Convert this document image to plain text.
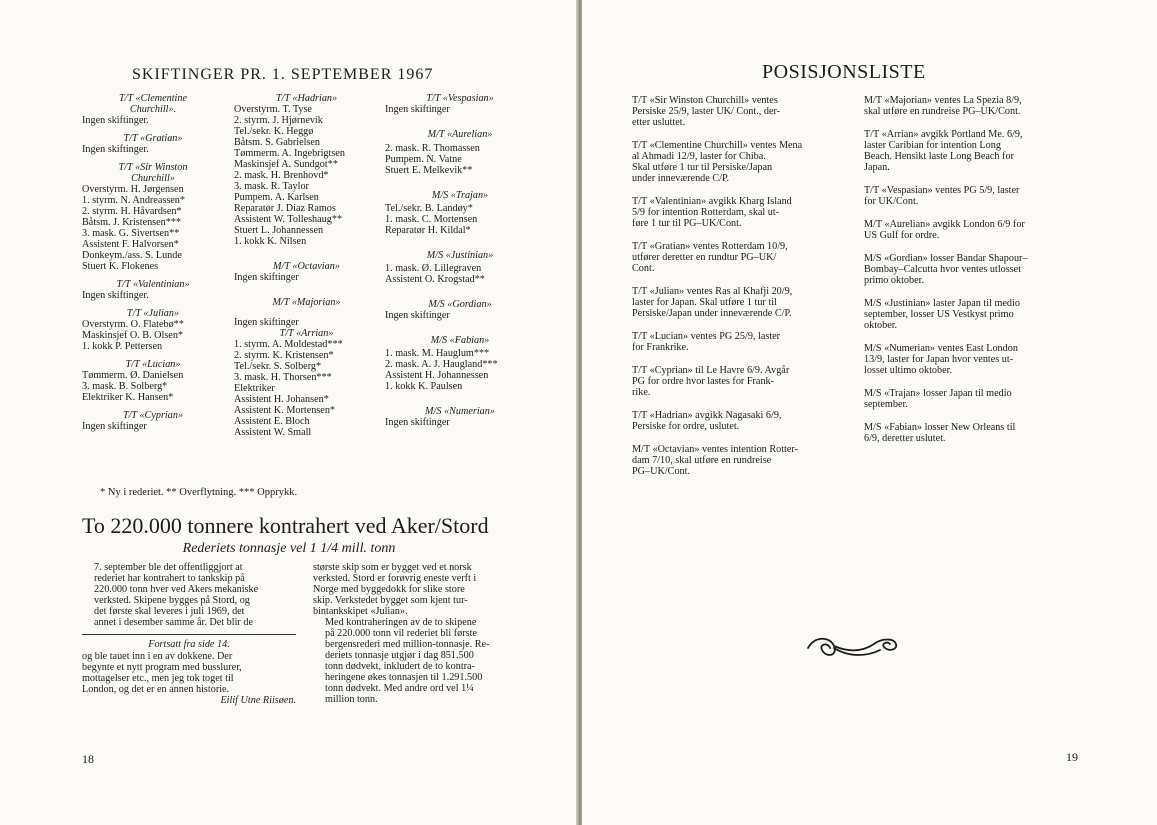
SKIFTINGER PR. 1. SEPTEMBER 1967
T/T «Clementine
Churchill».
Ingen skiftinger.
T/T «Gratian»
Ingen skiftinger.
T/T «Sir Winston
Churchill»
Overstyrm. H. Jørgensen
1. styrm. N. Andreassen*
2. styrm. H. Håvardsen*
Båtsm. J. Kristensen***
3. mask. G. Sivertsen**
Assistent F. Halvorsen*
Donkeym./ass. S. Lunde
Stuert K. Flokenes
T/T «Valentinian»
Ingen skiftinger.
T/T «Julian»
Overstyrm. O. Flatebø**
Maskinsjef O. B. Olsen*
1. kokk P. Pettersen
T/T «Lucian»
Tømmerm. Ø. Danielsen
3. mask. B. Solberg*
Elektriker K. Hansen*
T/T «Cyprian»
Ingen skiftinger
T/T «Hadrian»
Overstyrm. T. Tyse
2. styrm. J. Hjørnevik
Tel./sekr. K. Heggø
Båtsm. S. Gabrielsen
Tømmerm. A. Ingebrigtsen
Maskinsjef A. Sundgot**
2. mask. H. Brenhovd*
3. mask. R. Taylor
Pumpem. A. Karlsen
Reparatør J. Diaz Ramos
Assistent W. Tolleshaug**
Stuert L. Johannessen
1. kokk K. Nilsen
M/T «Octavian»
Ingen skiftinger
M/T «Majorian»
Ingen skiftinger
T/T «Arrian»
1. styrm. A. Moldestad***
2. styrm. K. Kristensen*
Tel./sekr. S. Solberg*
3. mask. H. Thorsen***
Elektriker
Assistent H. Johansen*
Assistent K. Mortensen*
Assistent E. Bloch
Assistent W. Small
T/T «Vespasian»
Ingen skiftinger
M/T «Aurelian»
2. mask. R. Thomassen
Pumpem. N. Vatne
Stuert E. Melkevik**
M/S «Trajan»
Tel./sekr. B. Landøy*
1. mask. C. Mortensen
Reparatør H. Kildal*
M/S «Justinian»
1. mask. Ø. Lillegraven
Assistent O. Krogstad**
M/S «Gordian»
Ingen skiftinger
M/S «Fabian»
1. mask. M. Hauglum***
2. mask. A. J. Haugland***
Assistent H. Johannessen
1. kokk K. Paulsen
M/S «Numerian»
Ingen skiftinger
* Ny i rederiet. ** Overflytning. *** Opprykk.
To 220.000 tonnere kontrahert ved Aker/Stord
Rederiets tonnasje vel 1 1/4 mill. tonn
7. september ble det offentliggjort at
rederiet har kontrahert to tankskip på
220.000 tonn hver ved Akers mekaniske
verksted. Skipene bygges på Stord, og
det første skal leveres i juli 1969, det
annet i desember samme år. Det blir de
Fortsatt fra side 14.
og ble tauet inn i en av dokkene. Der
begynte et nytt program med busslurer,
mottagelser etc., men jeg tok toget til
London, og det er en annen historie.
Eilif Utne Riisøen.
største skip som er bygget ved et norsk
verksted. Stord er forøvrig eneste verft i
Norge med byggedokk for slike store
skip. Verkstedet bygget som kjent tur-
bintankskipet «Julian».
Med kontraheringen av de to skipene
på 220.000 tonn vil rederiet bli første
bergensrederi med million-tonnasje. Re-
deriets tonnasje utgjør i dag 851.500
tonn dødvekt, inkludert de to kontra-
heringene økes tonnasjen til 1.291.500
tonn dødvekt. Med andre ord vel 1¼
million tonn.
18
POSISJONSLISTE
T/T «Sir Winston Churchill» ventes
Persiske 25/9, laster UK/ Cont., der-
etter usluttet.
T/T «Clementine Churchill» ventes Mena
al Ahmadi 12/9, laster for Chiba.
Skal utføre 1 tur til Persiske/Japan
under inneværende C/P.
T/T «Valentinian» avgikk Kharg Island
5/9 for intention Rotterdam, skal ut-
føre 1 tur til PG–UK/Cont.
T/T «Gratian» ventes Rotterdam 10/9,
utfører deretter en rundtur PG–UK/
Cont.
T/T «Julian» ventes Ras al Khafji 20/9,
laster for Japan. Skal utføre 1 tur til
Persiske/Japan under inneværende C/P.
T/T «Lucian» ventes PG 25/9, laster
for Frankrike.
T/T «Cyprian» til Le Havre 6/9. Avgår
PG for ordre hvor lastes for Frank-
rike.
T/T «Hadrian» avgikk Nagasaki 6/9,
Persiske for ordre, uslutet.
M/T «Octavian» ventes intention Rotter-
dam 7/10, skal utføre en rundreise
PG–UK/Cont.
M/T «Majorian» ventes La Spezia 8/9,
skal utføre en rundreise PG–UK/Cont.
T/T «Arrian» avgikk Portland Me. 6/9,
laster Caribian for intention Long
Beach. Hensikt laste Long Beach for
Japan.
T/T «Vespasian» ventes PG 5/9, laster
for UK/Cont.
M/T «Aurelian» avgikk London 6/9 for
US Gulf for ordre.
M/S «Gordian» losser Bandar Shapour–
Bombay–Calcutta hvor ventes utlosset
primo oktober.
M/S «Justinian» laster Japan til medio
september, losser US Vestkyst primo
oktober.
M/S «Numerian» ventes East London
13/9, laster for Japan hvor ventes ut-
losset ultimo oktober.
M/S «Trajan» losser Japan til medio
september.
M/S «Fabian» losser New Orleans til
6/9, deretter uslutet.
19
